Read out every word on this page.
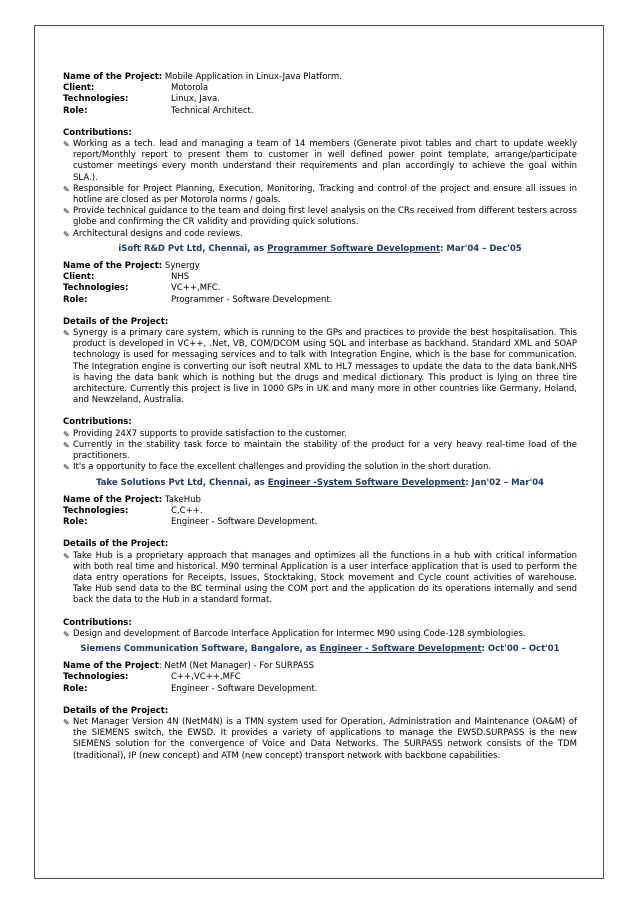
Name of the Project:
Mobile Application in Linux-Java Platform.
Client:	Motorola
Technologies:	Linux, Java.
Role:	Technical Architect.
Contributions:
✎ Working as a tech. lead and managing a team of 14 members (Generate pivot tables and chart to update weekly report/Monthly report to present them to customer in well defined power point template, arrange/participate customer meetings every month understand their requirements and plan accordingly to achieve the goal within SLA.).
✎ Responsible for Project Planning, Execution, Monitoring, Tracking and control of the project and ensure all issues in hotline are closed as per Motorola norms / goals.
✎ Provide technical guidance to the team and doing first level analysis on the CRs received from different testers across globe and confirming the CR validity and providing quick solutions.
✎ Architectural designs and code reviews.
iSoft R&D Pvt Ltd, Chennai, as Programmer Software Development: Mar'04 – Dec'05
Name of the Project:
Synergy
Client:	NHS
Technologies:	VC++,MFC.
Role:	Programmer - Software Development.
Details of the Project:
✎ Synergy is a primary care system, which is running to the GPs and practices to provide the best hospitalisation. This product is developed in VC++, .Net, VB, COM/DCOM using SQL and interbase as backhand. Standard XML and SOAP technology is used for messaging services and to talk with Integration Engine, which is the base for communication. The Integration engine is converting our isoft neutral XML to HL7 messages to update the data to the data bank.NHS is having the data bank which is nothing but the drugs and medical dictionary. This product is lying on three tire architecture. Currently this project is live in 1000 GPs in UK and many more in other countries like Germany, Holand, and Newzeland, Australia.
Contributions:
✎ Providing 24X7 supports to provide satisfaction to the customer.
✎ Currently in the stability task force to maintain the stability of the product for a very heavy real-time load of the practitioners.
✎ It's a opportunity to face the excellent challenges and providing the solution in the short duration.
Take Solutions Pvt Ltd, Chennai, as Engineer -System Software Development: Jan'02 – Mar'04
Name of the Project:
TakeHub
Technologies:	C,C++.
Role:	Engineer - Software Development.
Details of the Project:
✎ Take Hub is a proprietary approach that manages and optimizes all the functions in a hub with critical information with both real time and historical. M90 terminal Application is a user interface application that is used to perform the data entry operations for Receipts, Issues, Stocktaking, Stock movement and Cycle count activities of warehouse. Take Hub send data to the BC terminal using the COM port and the application do its operations internally and send back the data to the Hub in a standard format.
Contributions:
✎ Design and development of Barcode Interface Application for Intermec M90 using Code-128 symbiologies.
Siemens Communication Software, Bangalore, as Engineer - Software Development: Oct'00 – Oct'01
Name of the Project : NetM (Net Manager) - For SURPASS
Technologies:	C++,VC++,MFC
Role:	Engineer - Software Development.
Details of the Project:
✎ Net Manager Version 4N (NetM4N) is a TMN system used for Operation, Administration and Maintenance (OA&M) of the SIEMENS switch, the EWSD. It provides a variety of applications to manage the EWSD.SURPASS is the new SIEMENS solution for the convergence of Voice and Data Networks. The SURPASS network consists of the TDM (traditional), IP (new concept) and ATM (new concept) transport network with backbone capabilities.
